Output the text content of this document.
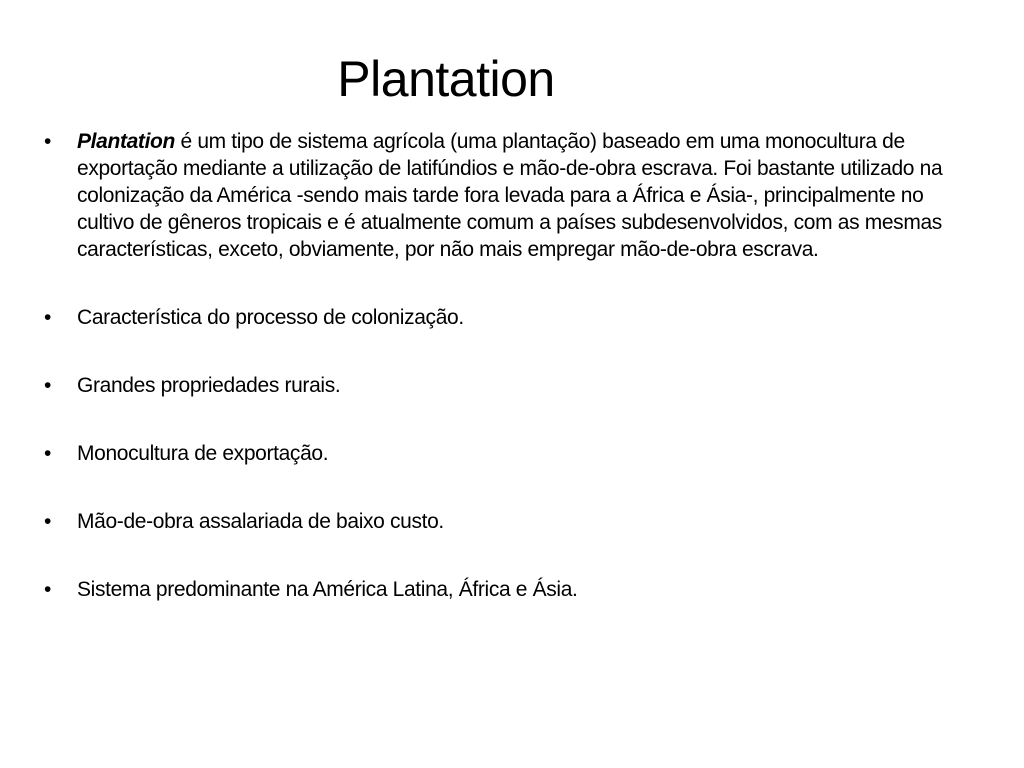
Plantation
•	Plantation é um tipo de sistema agrícola (uma plantação) baseado em uma monocultura de exportação mediante a utilização de latifúndios e mão-de-obra escrava. Foi bastante utilizado na colonização da América -sendo mais tarde fora levada para a África e Ásia-, principalmente no cultivo de gêneros tropicais e é atualmente comum a países subdesenvolvidos, com as mesmas características, exceto, obviamente, por não mais empregar mão-de-obra escrava.
•	Característica do processo de colonização.
•	Grandes propriedades rurais.
•	Monocultura de exportação.
•	Mão-de-obra assalariada de baixo custo.
•	Sistema predominante na América Latina, África e Ásia.
